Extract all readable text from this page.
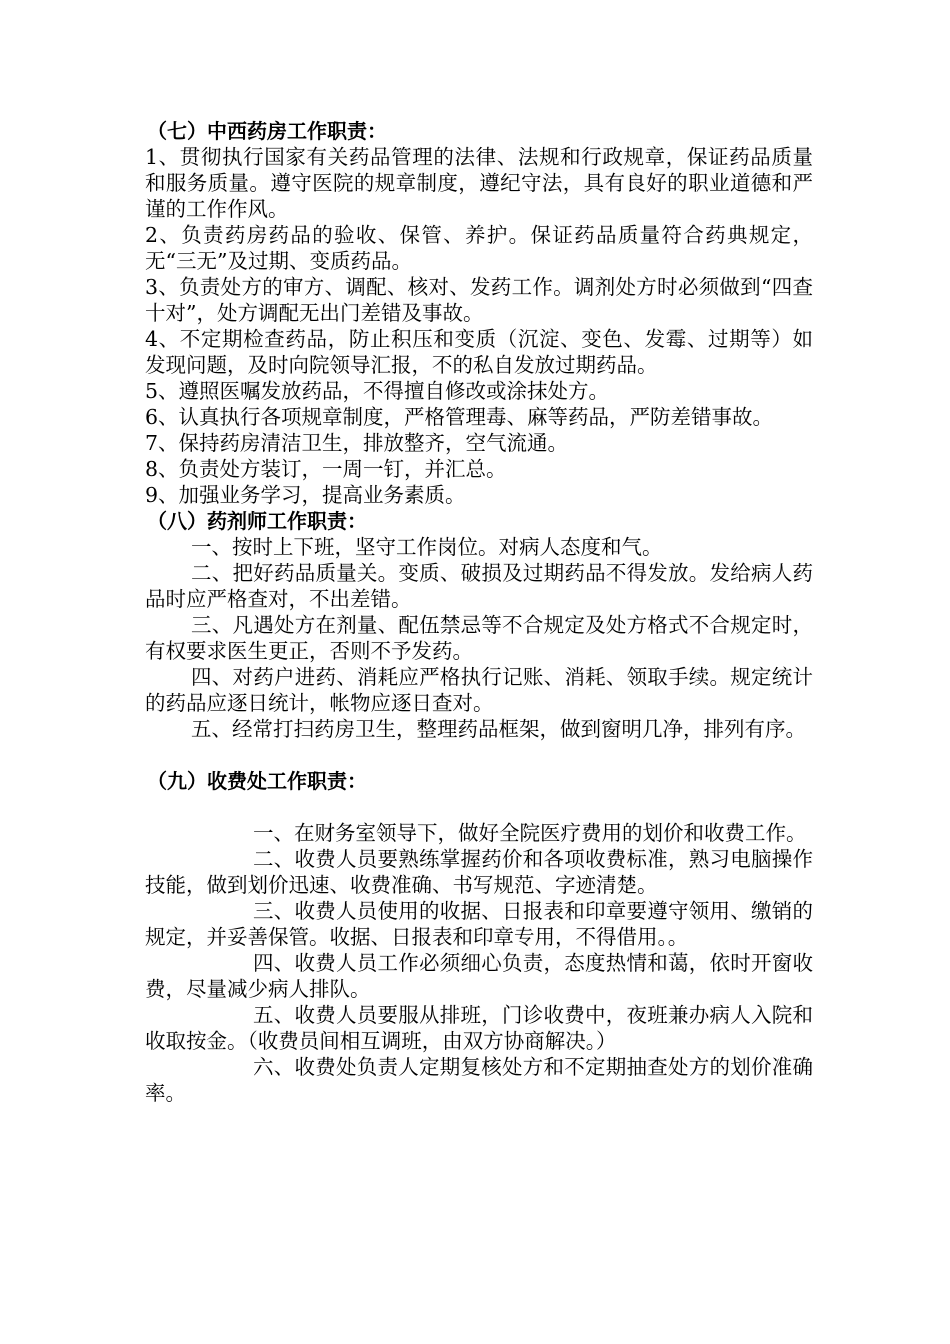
（七）中西药房工作职责：

1、贯彻执行国家有关药品管理的法律、法规和行政规章，保证药品质量和服务质量。遵守医院的规章制度，遵纪守法，具有良好的职业道德和严谨的工作作风。

2、负责药房药品的验收、保管、养护。保证药品质量符合药典规定，无“三无”及过期、变质药品。

3、负责处方的审方、调配、核对、发药工作。调剂处方时必须做到“四查十对”，处方调配无出门差错及事故。

4、不定期检查药品，防止积压和变质（沉淀、变色、发霉、过期等）如发现问题，及时向院领导汇报，不的私自发放过期药品。

5、遵照医嘱发放药品，不得擅自修改或涂抹处方。

6、认真执行各项规章制度，严格管理毒、麻等药品，严防差错事故。

7、保持药房清洁卫生，排放整齐，空气流通。

8、负责处方装订，一周一钉，并汇总。

9、加强业务学习，提高业务素质。

（八）药剂师工作职责：

一、按时上下班，坚守工作岗位。对病人态度和气。

二、把好药品质量关。变质、破损及过期药品不得发放。发给病人药品时应严格查对，不出差错。

三、凡遇处方在剂量、配伍禁忌等不合规定及处方格式不合规定时，有权要求医生更正，否则不予发药。

四、对药户进药、消耗应严格执行记账、消耗、领取手续。规定统计的药品应逐日统计，帐物应逐日查对。

五、经常打扫药房卫生，整理药品框架，做到窗明几净，排列有序。

（九）收费处工作职责：

一、在财务室领导下，做好全院医疗费用的划价和收费工作。

二、收费人员要熟练掌握药价和各项收费标准，熟习电脑操作技能，做到划价迅速、收费准确、书写规范、字迹清楚。

三、收费人员使用的收据、日报表和印章要遵守领用、缴销的规定，并妥善保管。收据、日报表和印章专用，不得借用。。

四、收费人员工作必须细心负责，态度热情和蔼，依时开窗收费，尽量减少病人排队。

五、收费人员要服从排班，门诊收费中，夜班兼办病人入院和收取按金。（收费员间相互调班，由双方协商解决。）

六、收费处负责人定期复核处方和不定期抽查处方的划价准确率。
